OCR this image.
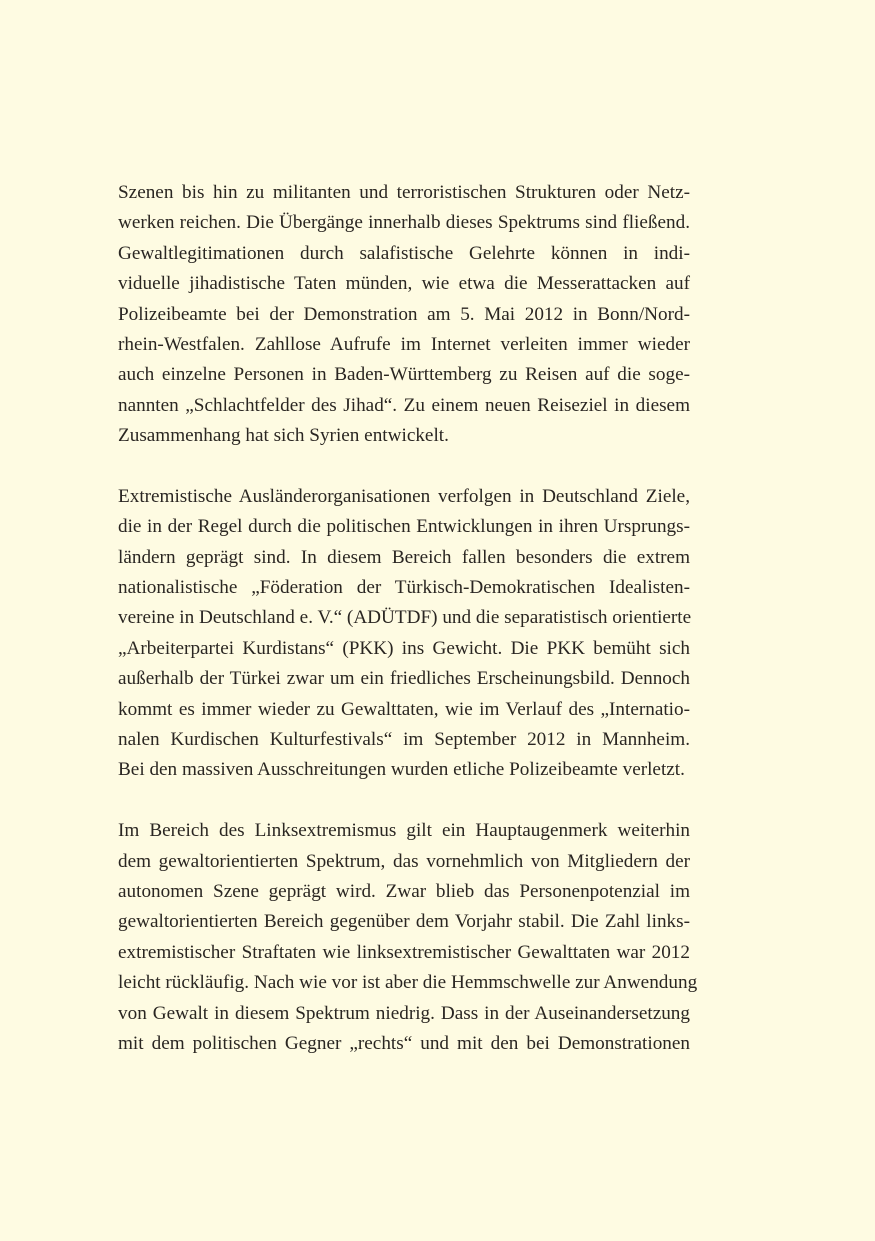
Szenen bis hin zu militanten und terroristischen Strukturen oder Netz-
werken reichen. Die Übergänge innerhalb dieses Spektrums sind fließend.
Gewaltlegitimationen durch salafistische Gelehrte können in indi-
viduelle jihadistische Taten münden, wie etwa die Messerattacken auf
Polizeibeamte bei der Demonstration am 5. Mai 2012 in Bonn/Nord-
rhein-Westfalen. Zahllose Aufrufe im Internet verleiten immer wieder
auch einzelne Personen in Baden-Württemberg zu Reisen auf die soge-
nannten „Schlachtfelder des Jihad“. Zu einem neuen Reiseziel in diesem
Zusammenhang hat sich Syrien entwickelt.
Extremistische Ausländerorganisationen verfolgen in Deutschland Ziele,
die in der Regel durch die politischen Entwicklungen in ihren Ursprungs-
ländern geprägt sind. In diesem Bereich fallen besonders die extrem
nationalistische „Föderation der Türkisch-Demokratischen Idealisten-
vereine in Deutschland e. V.“ (ADÜTDF) und die separatistisch orientierte
„Arbeiterpartei Kurdistans“ (PKK) ins Gewicht. Die PKK bemüht sich
außerhalb der Türkei zwar um ein friedliches Erscheinungsbild. Dennoch
kommt es immer wieder zu Gewalttaten, wie im Verlauf des „Internatio-
nalen Kurdischen Kulturfestivals“ im September 2012 in Mannheim.
Bei den massiven Ausschreitungen wurden etliche Polizeibeamte verletzt.
Im Bereich des Linksextremismus gilt ein Hauptaugenmerk weiterhin
dem gewaltorientierten Spektrum, das vornehmlich von Mitgliedern der
autonomen Szene geprägt wird. Zwar blieb das Personenpotenzial im
gewaltorientierten Bereich gegenüber dem Vorjahr stabil. Die Zahl links-
extremistischer Straftaten wie linksextremistischer Gewalttaten war 2012
leicht rückläufig. Nach wie vor ist aber die Hemmschwelle zur Anwendung
von Gewalt in diesem Spektrum niedrig. Dass in der Auseinandersetzung
mit dem politischen Gegner „rechts“ und mit den bei Demonstrationen
